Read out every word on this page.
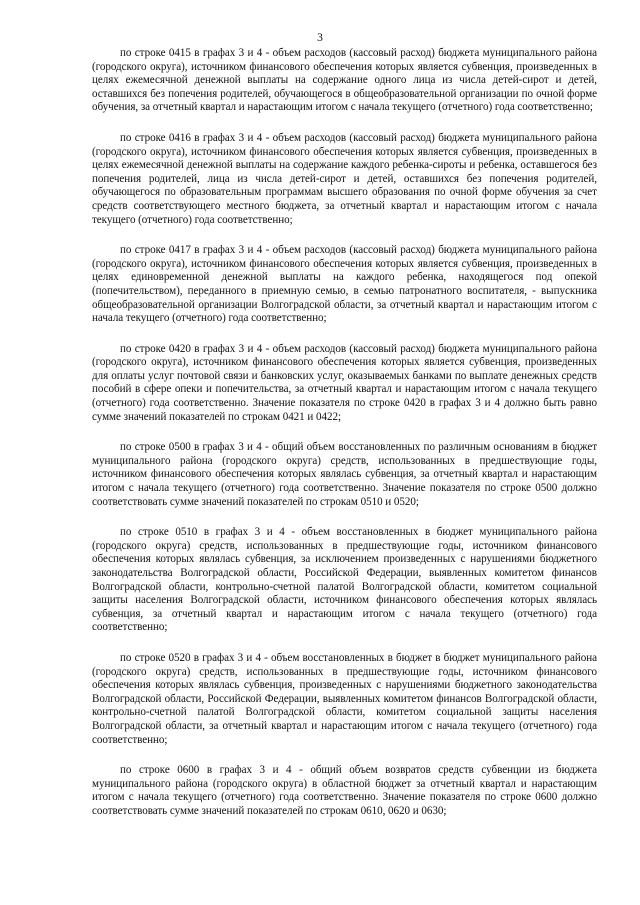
3

по строке 0415 в графах 3 и 4 - объем расходов (кассовый расход) бюджета муниципального района (городского округа), источником финансового обеспечения которых является субвенция, произведенных в целях ежемесячной денежной выплаты на содержание одного лица из числа детей-сирот и детей, оставшихся без попечения родителей, обучающегося в общеобразовательной организации по очной форме обучения, за отчетный квартал и нарастающим итогом с начала текущего (отчетного) года соответственно;

по строке 0416 в графах 3 и 4 - объем расходов (кассовый расход) бюджета муниципального района (городского округа), источником финансового обеспечения которых является субвенция, произведенных в целях ежемесячной денежной выплаты на содержание каждого ребенка-сироты и ребенка, оставшегося без попечения родителей, лица из числа детей-сирот и детей, оставшихся без попечения родителей, обучающегося по образовательным программам высшего образования по очной форме обучения за счет средств соответствующего местного бюджета, за отчетный квартал и нарастающим итогом с начала текущего (отчетного) года соответственно;

по строке 0417 в графах 3 и 4 - объем расходов (кассовый расход) бюджета муниципального района (городского округа), источником финансового обеспечения которых является субвенция, произведенных в целях единовременной денежной выплаты на каждого ребенка, находящегося под опекой (попечительством), переданного в приемную семью, в семью патронатного воспитателя, - выпускника общеобразовательной организации Волгоградской области, за отчетный квартал и нарастающим итогом с начала текущего (отчетного) года соответственно;

по строке 0420 в графах 3 и 4 - объем расходов (кассовый расход) бюджета муниципального района (городского округа), источником финансового обеспечения которых является субвенция, произведенных для оплаты услуг почтовой связи и банковских услуг, оказываемых банками по выплате денежных средств пособий в сфере опеки и попечительства, за отчетный квартал и нарастающим итогом с начала текущего (отчетного) года соответственно. Значение показателя по строке 0420 в графах 3 и 4 должно быть равно сумме значений показателей по строкам 0421 и 0422;

по строке 0500 в графах 3 и 4 - общий объем восстановленных по различным основаниям в бюджет муниципального района (городского округа) средств, использованных в предшествующие годы, источником финансового обеспечения которых являлась субвенция, за отчетный квартал и нарастающим итогом с начала текущего (отчетного) года соответственно. Значение показателя по строке 0500 должно соответствовать сумме значений показателей по строкам 0510 и 0520;

по строке 0510 в графах 3 и 4 - объем восстановленных в бюджет муниципального района (городского округа) средств, использованных в предшествующие годы, источником финансового обеспечения которых являлась субвенция, за исключением произведенных с нарушениями бюджетного законодательства Волгоградской области, Российской Федерации, выявленных комитетом финансов Волгоградской области, контрольно-счетной палатой Волгоградской области, комитетом социальной защиты населения Волгоградской области, источником финансового обеспечения которых являлась субвенция, за отчетный квартал и нарастающим итогом с начала текущего (отчетного) года соответственно;

по строке 0520 в графах 3 и 4 - объем восстановленных в бюджет в бюджет муниципального района (городского округа) средств, использованных в предшествующие годы, источником финансового обеспечения которых являлась субвенция, произведенных с нарушениями бюджетного законодательства Волгоградской области, Российской Федерации, выявленных комитетом финансов Волгоградской области, контрольно-счетной палатой Волгоградской области, комитетом социальной защиты населения Волгоградской области, за отчетный квартал и нарастающим итогом с начала текущего (отчетного) года соответственно;

по строке 0600 в графах 3 и 4 - общий объем возвратов средств субвенции из бюджета муниципального района (городского округа) в областной бюджет за отчетный квартал и нарастающим итогом с начала текущего (отчетного) года соответственно. Значение показателя по строке 0600 должно соответствовать сумме значений показателей по строкам 0610, 0620 и 0630;
